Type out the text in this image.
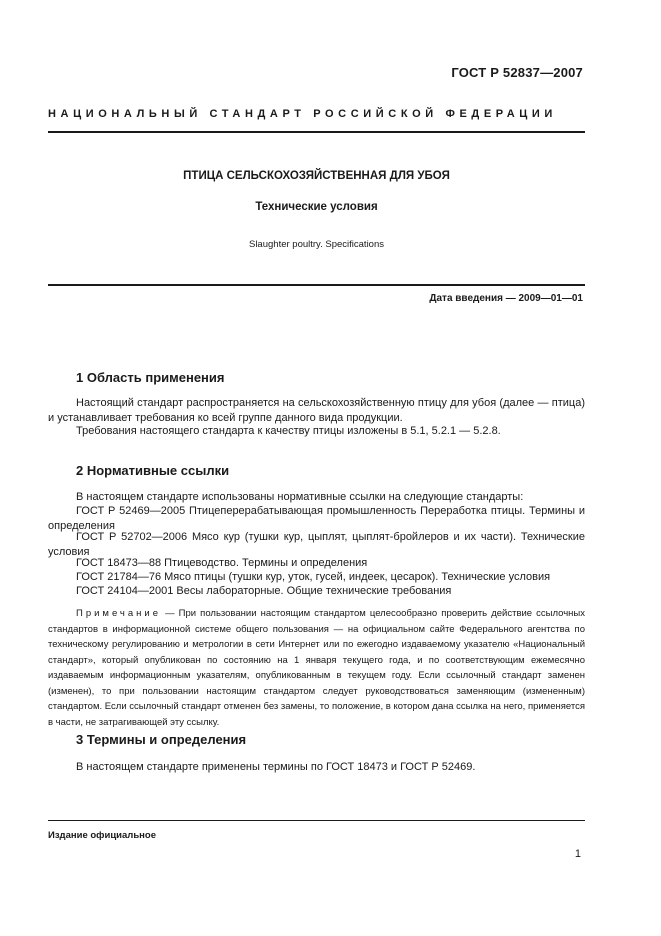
ГОСТ Р 52837—2007
НАЦИОНАЛЬНЫЙ СТАНДАРТ РОССИЙСКОЙ ФЕДЕРАЦИИ
ПТИЦА СЕЛЬСКОХОЗЯЙСТВЕННАЯ ДЛЯ УБОЯ
Технические условия
Slaughter poultry. Specifications
Дата введения — 2009—01—01
1 Область применения
Настоящий стандарт распространяется на сельскохозяйственную птицу для убоя (далее — птица) и устанавливает требования ко всей группе данного вида продукции.
Требования настоящего стандарта к качеству птицы изложены в 5.1, 5.2.1 — 5.2.8.
2 Нормативные ссылки
В настоящем стандарте использованы нормативные ссылки на следующие стандарты:
ГОСТ Р 52469—2005 Птицеперерабатывающая промышленность Переработка птицы. Термины и определения
ГОСТ Р 52702—2006 Мясо кур (тушки кур, цыплят, цыплят-бройлеров и их части). Технические условия
ГОСТ 18473—88 Птицеводство. Термины и определения
ГОСТ 21784—76 Мясо птицы (тушки кур, уток, гусей, индеек, цесарок). Технические условия
ГОСТ 24104—2001 Весы лабораторные. Общие технические требования
Примечание — При пользовании настоящим стандартом целесообразно проверить действие ссылочных стандартов в информационной системе общего пользования — на официальном сайте Федерального агентства по техническому регулированию и метрологии в сети Интернет или по ежегодно издаваемому указателю «Национальный стандарт», который опубликован по состоянию на 1 января текущего года, и по соответствующим ежемесячно издаваемым информационным указателям, опубликованным в текущем году. Если ссылочный стандарт заменен (изменен), то при пользовании настоящим стандартом следует руководствоваться заменяющим (измененным) стандартом. Если ссылочный стандарт отменен без замены, то положение, в котором дана ссылка на него, применяется в части, не затрагивающей эту ссылку.
3 Термины и определения
В настоящем стандарте применены термины по ГОСТ 18473 и ГОСТ Р 52469.
Издание официальное
1
